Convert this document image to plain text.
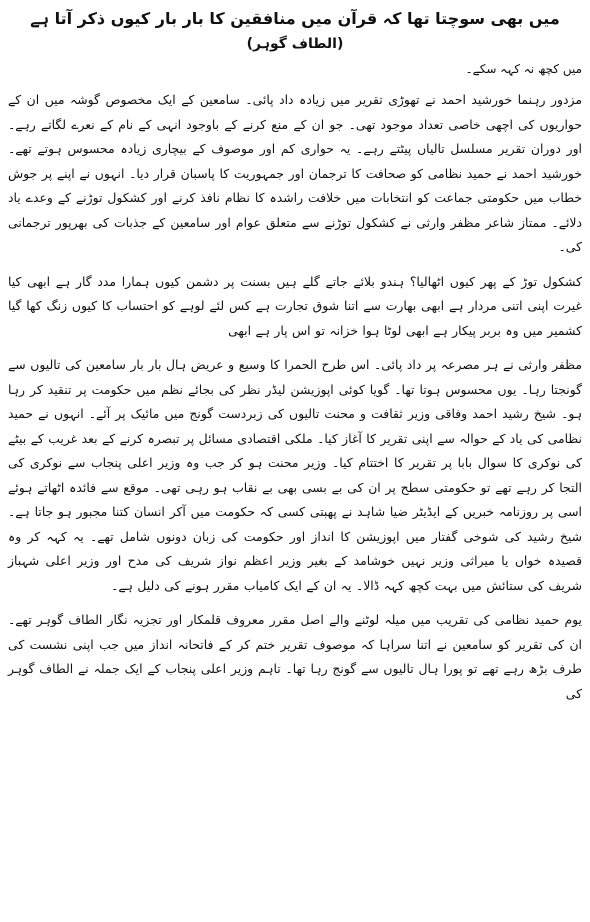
میں بھی سوچتا تھا کہ قرآن میں منافقین کا بار بار کیوں ذکر آتا ہے
(الطاف گوہر)
میں کچھ نہ کہہ سکے۔

مزدور رہنما خورشید احمد نے تھوڑی تقریر میں زیادہ داد پائی۔ سامعین کے ایک مخصوص گوشہ میں ان کے حواریوں کی اچھی خاصی تعداد موجود تھی۔ جو ان کے منع کرنے کے باوجود انہی کے نام کے نعرے لگاتے رہے۔ اور دوران تقریر مسلسل تالیاں پیٹتے رہے۔ یہ حواری کم اور موصوف کے بیچاری زیادہ محسوس ہوتے تھے۔ خورشید احمد نے حمید نظامی کو صحافت کا ترجمان اور جمہوریت کا پاسبان قرار دیا۔ انہوں نے اپنے پر جوش خطاب میں حکومتی جماعت کو انتخابات میں خلافت راشدہ کا نظام نافذ کرنے اور کشکول توڑنے کے وعدے یاد دلائے۔ ممتاز شاعر مظفر وارثی نے کشکول توڑنے سے متعلق عوام اور سامعین کے جذبات کی بھرپور ترجمانی کی۔

کشکول توڑ کے پھر کیوں اٹھالیا؟ ہندو بلائے جاتے گلے ہیں بسنت پر دشمن کیوں ہمارا مدد گار ہے ابھی کیا غیرت اپنی اتنی مردار ہے ابھی بھارت سے اتنا شوق تجارت ہے کس لئے لوہے کو احتساب کا کیوں زنگ کھا گیا کشمیر میں وہ بربر پیکار ہے ابھی لوٹا ہوا خزانہ تو اس پار ہے ابھی

مظفر وارثی نے ہر مصرعہ پر داد پائی۔ اس طرح الحمرا کا وسیع و عریض ہال بار بار سامعین کی تالیوں سے گونجتا رہا۔ یوں محسوس ہوتا تھا۔ گویا کوئی اپوزیشن لیڈر نظر کی بجائے نظم میں حکومت پر تنقید کر رہا ہو۔ شیخ رشید احمد وفاقی وزیر ثقافت و محنت تالیوں کی زبردست گونج میں مائیک پر آئے۔ انہوں نے حمید نظامی کی یاد کے حوالہ سے اپنی تقریر کا آغاز کیا۔ ملکی اقتصادی مسائل پر تبصرہ کرنے کے بعد غریب کے بیٹے کی نوکری کا سوال بابا پر تقریر کا اختتام کیا۔ وزیر محنت ہو کر جب وہ وزیر اعلی پنجاب سے نوکری کی التجا کر رہے تھے تو حکومتی سطح پر ان کی بے بسی بھی بے نقاب ہو رہی تھی۔ موقع سے فائدہ اٹھاتے ہوئے اسی پر روزنامہ خبریں کے ایڈیٹر ضیا شاہد نے پھبتی کسی کہ حکومت میں آکر انسان کتنا مجبور ہو جاتا ہے۔ شیخ رشید کی شوخی گفتار میں اپوزیشن کا انداز اور حکومت کی زبان دونوں شامل تھے۔ یہ کہہ کر وہ قصیدہ خواں یا میراثی وزیر نہیں خوشامد کے بغیر وزیر اعظم نواز شریف کی مدح اور وزیر اعلی شہباز شریف کی ستائش میں بہت کچھ کہہ ڈالا۔ یہ ان کے ایک کامیاب مقرر ہونے کی دلیل ہے۔

یوم حمید نظامی کی تقریب میں میلہ لوٹنے والے اصل مقرر معروف قلمکار اور تجزیہ نگار الطاف گوہر تھے۔ ان کی تقریر کو سامعین نے اتنا سراہا کہ موصوف تقریر ختم کر کے فاتحانہ انداز میں جب اپنی نشست کی طرف بڑھ رہے تھے تو پورا ہال تالیوں سے گونج رہا تھا۔ تاہم وزیر اعلی پنجاب کے ایک جملہ نے الطاف گوہر کی
